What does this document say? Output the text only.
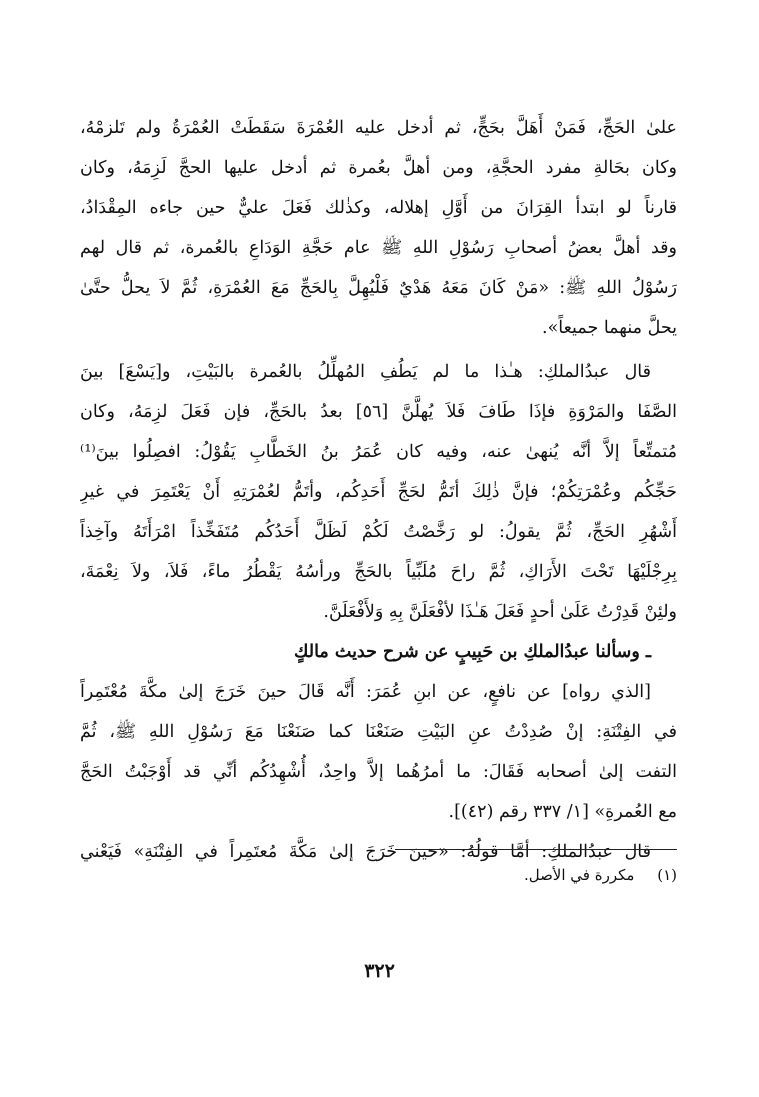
علىٰ الحَجِّ، فَمَنْ أَهَلَّ بحَجٍّ، ثم أدخل عليه العُمْرَةَ سَقَطَتْ العُمْرَةُ ولم تَلزمْهُ،
وكان بحَالةِ مفرد الحجَّةِ، ومن أهلَّ بعُمرة ثم أدخل عليها الحجَّ لَزِمَهُ، وكان
قارناً لو ابتدأ القِرَانَ من أَوَّلِ إهلاله، وكذٰلك فَعَلَ عليٌّ حين جاءه المِقْدَادُ،
وقد أهلَّ بعضُ أصحابِ رَسُوْلِ اللهِ ﷺ عام حَجَّةِ الوَدَاعِ بالعُمرة، ثم قال لهم
رَسُوْلُ اللهِ ﷺ: «مَنْ كَانَ مَعَهُ هَدْيٌ فَلْيُهِلَّ بِالحَجِّ مَعَ العُمْرَةِ، ثُمَّ لاَ يحلُّ حتَّىٰ
يحلَّ منهما جميعاً».
قال عبدُالملكِ: هـٰذا ما لم يَطُفِ المُهلِّلُ بالعُمرة بالبَيْتِ، و[يَسْعَ] بينَ
الصَّفَا والمَرْوَةِ فإذَا طَافَ فَلاَ يُهلَّنَّ [٥٦] بعدُ بالحَجِّ، فإن فَعَلَ لزِمَهُ، وكان
مُتمتِّعاً إلاَّ أنَّه يُنهىٰ عنه، وفيه كان عُمَرُ بنُ الخَطَّابِ يَقُوْلُ: افصِلُوا بينَ⁽¹⁾
حَجِّكُم وعُمْرَتِكُمْ؛ فإنَّ ذٰلِكَ أتَمُّ لحَجِّ أَحَدِكُم، وأتَمُّ لعُمْرَتِهِ أَنْ يَعْتَمِرَ في غيرِ
أَشْهُرِ الحَجِّ، ثُمَّ يقولُ: لو رَخَّصْتُ لَكُمْ لَظَلَّ أَحَدُكُم مُتَفَخِّذاً امْرَأَتَهُ وآخِذاً
بِرِجْلَيْهَا تَحْتَ الأَرَاكِ، ثُمَّ راحَ مُلَبِّياً بالحَجِّ ورأسُهُ يَقْطُرُ ماءً، فَلاَ، ولاَ نِعْمَةَ،
ولئِنْ قَدِرْتُ عَلَىٰ أحدٍ فَعَلَ هَـٰذَا لأفْعَلَنَّ بِهِ وَلأَفْعَلَنَّ.
ـ وسألنا عبدُالملكِ بن حَبِيبٍ عن شرح حديث مالكٍ
[الذي رواه] عن نافعٍ، عن ابنِ عُمَرَ: أَنَّه قَالَ حينَ خَرَجَ إلىٰ مكَّةَ مُعْتَمِراً
في الفِتْنَةِ: إنْ صُدِدْتُ عنِ البَيْتِ صَنَعْنَا كما صَنَعْنَا مَعَ رَسُوْلِ اللهِ ﷺ، ثُمَّ
التفت إلىٰ أصحابه فَقَالَ: ما أمرُهُما إلاَّ واحِدٌ، أُشْهِدُكُم أنِّي قد أَوْجَبْتُ الحَجَّ
مع العُمرةِ» [١/ ٣٣٧ رقم (٤٢)].
قال عبدُالملكِ: أمَّا قولُهُ: «حينَ خَرَجَ إلىٰ مَكَّةَ مُعتَمِراً في الفِتْنَةِ» فَيَعْني
(١) مكررة في الأصل.
٣٢٢
